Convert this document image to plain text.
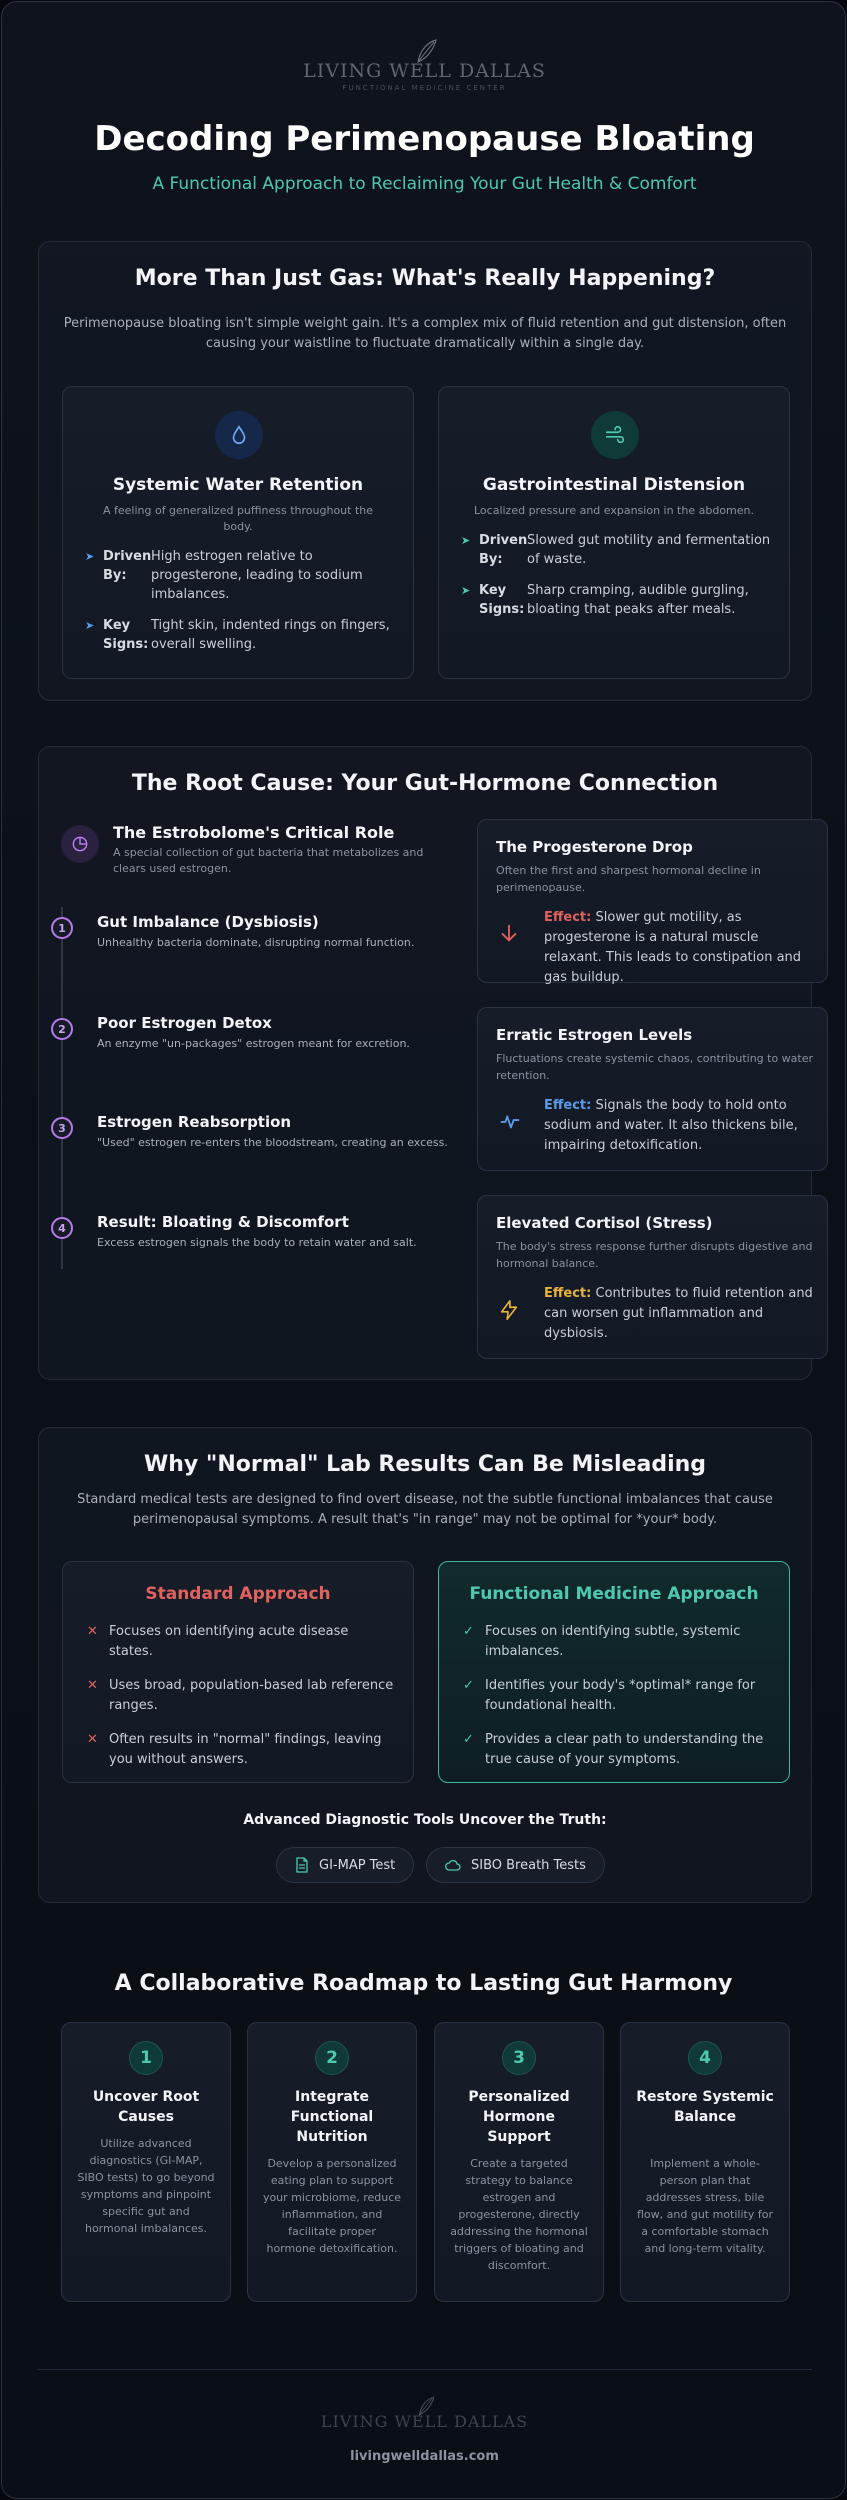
LIVING WELL DALLAS
FUNCTIONAL MEDICINE CENTER
Decoding Perimenopause Bloating
A Functional Approach to Reclaiming Your Gut Health & Comfort
More Than Just Gas: What's Really Happening?
Perimenopause bloating isn't simple weight gain. It's a complex mix of fluid retention and gut distension, often
causing your waistline to fluctuate dramatically within a single day.
Systemic Water Retention
A feeling of generalized puffiness throughout the
body.
➤ Driven By:
High estrogen relative to progesterone, leading to sodium imbalances.
➤ Key Signs:
Tight skin, indented rings on fingers, overall swelling.
Gastrointestinal Distension
Localized pressure and expansion in the abdomen.
➤ Driven By:
Slowed gut motility and fermentation of waste.
➤ Key Signs:
Sharp cramping, audible gurgling, bloating that peaks after meals.
The Root Cause: Your Gut-Hormone Connection
The Estrobolome's Critical Role
A special collection of gut bacteria that metabolizes and clears used estrogen.
1	Gut Imbalance (Dysbiosis)
Unhealthy bacteria dominate, disrupting normal function.
2	Poor Estrogen Detox
An enzyme "un-packages" estrogen meant for excretion.
3	Estrogen Reabsorption
"Used" estrogen re-enters the bloodstream, creating an excess.
4	Result: Bloating & Discomfort
Excess estrogen signals the body to retain water and salt.
The Progesterone Drop
Often the first and sharpest hormonal decline in perimenopause.
Effect: Slower gut motility, as progesterone is a natural muscle relaxant. This leads to constipation and gas buildup.
Erratic Estrogen Levels
Fluctuations create systemic chaos, contributing to water retention.
Effect: Signals the body to hold onto sodium and water. It also thickens bile, impairing detoxification.
Elevated Cortisol (Stress)
The body's stress response further disrupts digestive and hormonal balance.
Effect: Contributes to fluid retention and can worsen gut inflammation and dysbiosis.
Why "Normal" Lab Results Can Be Misleading
Standard medical tests are designed to find overt disease, not the subtle functional imbalances that cause
perimenopausal symptoms. A result that's "in range" may not be optimal for *your* body.
Standard Approach
✕ Focuses on identifying acute disease states.
✕ Uses broad, population-based lab reference ranges.
✕ Often results in "normal" findings, leaving you without answers.
Functional Medicine Approach
✓ Focuses on identifying subtle, systemic imbalances.
✓ Identifies your body's *optimal* range for foundational health.
✓ Provides a clear path to understanding the true cause of your symptoms.
Advanced Diagnostic Tools Uncover the Truth:
GI-MAP Test	SIBO Breath Tests
A Collaborative Roadmap to Lasting Gut Harmony
1
Uncover Root Causes
Utilize advanced diagnostics (GI-MAP, SIBO tests) to go beyond symptoms and pinpoint specific gut and hormonal imbalances.
2
Integrate Functional Nutrition
Develop a personalized eating plan to support your microbiome, reduce inflammation, and facilitate proper hormone detoxification.
3
Personalized Hormone Support
Create a targeted strategy to balance estrogen and progesterone, directly addressing the hormonal triggers of bloating and discomfort.
4
Restore Systemic Balance
Implement a whole-person plan that addresses stress, bile flow, and gut motility for a comfortable stomach and long-term vitality.
LIVING WELL DALLAS
livingwelldallas.com
